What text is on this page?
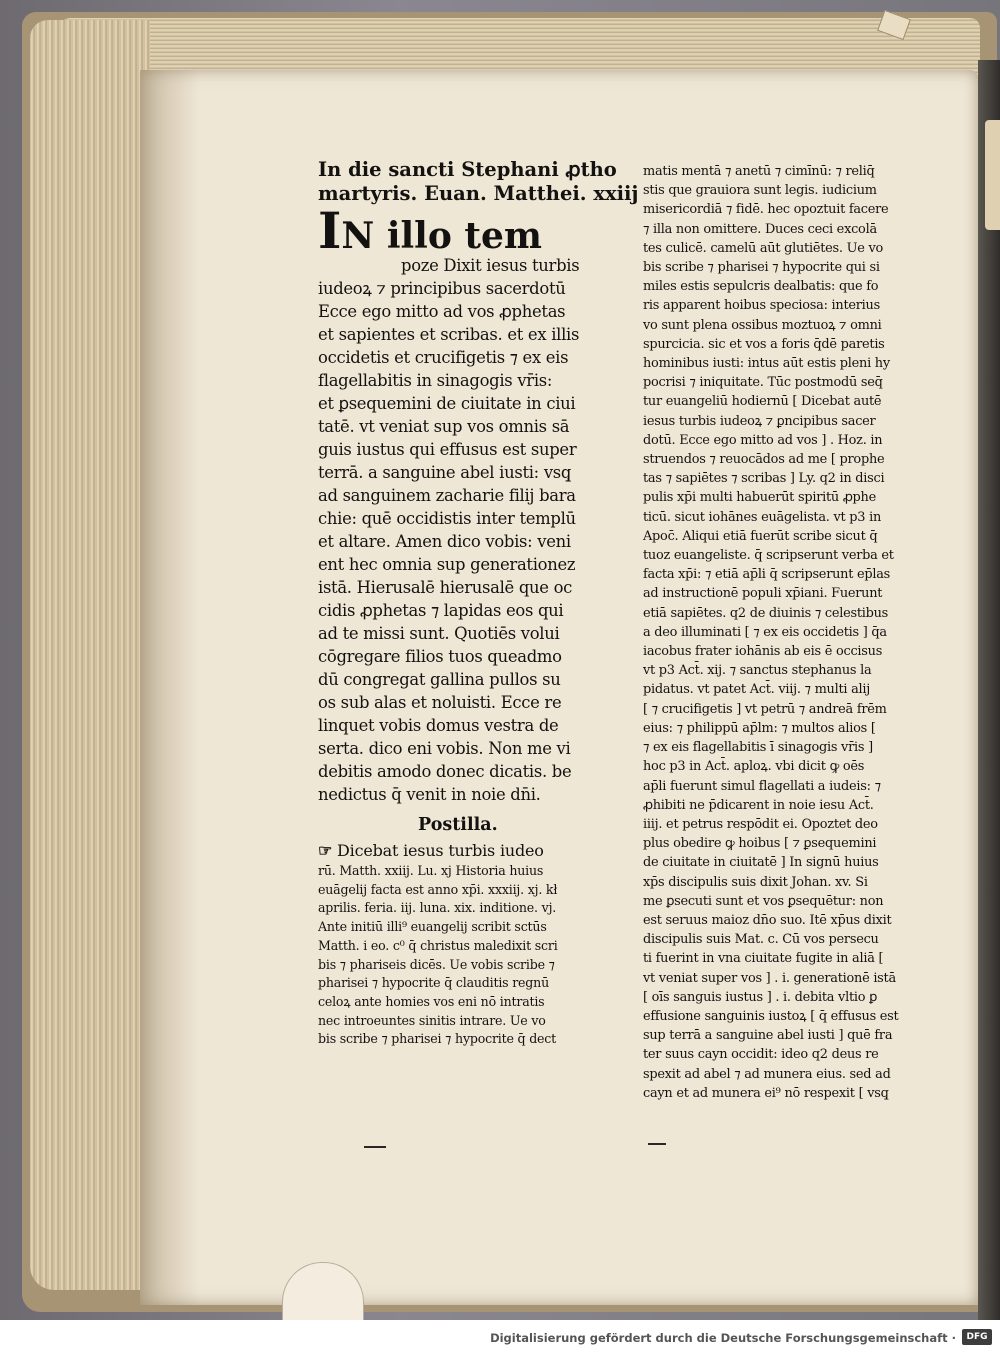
In die sancti Stephani ꝓtho
martyris. Euan. Matthei. xxiij
IN illo tem
poze Dixit iesus turbis
iudeoꝝ ⁊ principibus sacerdotū
Ecce ego mitto ad vos ꝓphetas
et sapientes et scribas. et ex illis
occidetis et crucifigetis ⁊ ex eis
flagellabitis in sinagogis vr̄is:
et ꝑsequemini de ciuitate in ciui
tatē. vt veniat sup vos omnis sā
guis iustus qui effusus est super
terrā. a sanguine abel iusti: vsq̧
ad sanguinem zacharie filij bara
chie: quē occidistis inter templū
et altare. Amen dico vobis: veni
ent hec omnia sup generationez
istā. Hierusalē hierusalē que oc
cidis ꝓphetas ⁊ lapidas eos qui
ad te missi sunt. Quotiēs volui
cōgregare filios tuos queadmo
dū congregat gallina pullos su
os sub alas et noluisti. Ecce re
linquet vobis domus vestra de
serta. dico eni vobis. Non me vi
debitis amodo donec dicatis. be
nedictus q̄ venit in noie dn̄i.
Postilla.
☞ Dicebat iesus turbis iudeo
rū. Matth. xxiij. Lu. xj Historia huius
euāgelij facta est anno xp̄i. xxxiij. xj. kł
aprilis. feria. iij. luna. xix. inditione. vj.
Ante initiū illi⁹ euangelij scribit sctūs
Matth. i eo. c⁰ q̄ christus maledixit scri
bis ⁊ phariseis dicēs. Ue vobis scribe ⁊
pharisei ⁊ hypocrite q̄ clauditis regnū
celoꝝ ante homies vos eni nō intratis
nec introeuntes sinitis intrare. Ue vo
bis scribe ⁊ pharisei ⁊ hypocrite q̄ dect
matis mentā ⁊ anetū ⁊ cimīnū: ⁊ reliq̄
stis que grauiora sunt legis. iudicium
misericordiā ⁊ fidē. hec opoztuit facere
⁊ illa non omittere. Duces ceci excolā
tes culicē. camelū aūt glutiētes. Ue vo
bis scribe ⁊ pharisei ⁊ hypocrite qui si
miles estis sepulcris dealbatis: que fo
ris apparent hoibus speciosa: interius
vo sunt plena ossibus moztuoꝝ ⁊ omni
spurcicia. sic et vos a foris q̄dē paretis
hominibus iusti: intus aūt estis pleni hy
pocrisi ⁊ iniquitate. Tūc postmodū seq̄
tur euangeliū hodiernū [ Dicebat autē
iesus turbis iudeoꝝ ⁊ ꝑncipibus sacer
dotū. Ecce ego mitto ad vos ] . Hoz. in
struendos ⁊ reuocādos ad me [ prophe
tas ⁊ sapiētes ⁊ scribas ] Ly. q2 in disci
pulis xp̄i multi habuerūt spiritū ꝓphe
ticū. sicut iohānes euāgelista. vt p3 in
Apoc̄. Aliqui etiā fuerūt scribe sicut q̄
tuoz euangeliste. q̄ scripserunt verba et
facta xp̄i: ⁊ etiā ap̄li q̄ scripserunt ep̄las
ad instructionē populi xp̄iani. Fuerunt
etiā sapiētes. q2 de diuinis ⁊ celestibus
a deo illuminati [ ⁊ ex eis occidetis ] q̄a
iacobus frater iohānis ab eis ē occisus
vt p3 Act̄. xij. ⁊ sanctus stephanus la
pidatus. vt patet Act̄. viij. ⁊ multi alij
[ ⁊ crucifigetis ] vt petrū ⁊ andreā frēm
eius: ⁊ philippū ap̄lm: ⁊ multos alios [
⁊ ex eis flagellabitis ī sinagogis vr̄is ]
hoc p3 in Act̄. aploꝝ. vbi dicit ꝙ oēs
ap̄li fuerunt simul flagellati a iudeis: ⁊
ꝓhibiti ne p̄dicarent in noie iesu Act̄.
iiij. et petrus respōdit ei. Opoztet deo
plus obedire ꝙ hoibus [ ⁊ ꝑsequemini
de ciuitate in ciuitatē ] In signū huius
xp̄s discipulis suis dixit Johan. xv. Si
me ꝑsecuti sunt et vos ꝑsequētur: non
est seruus maioz dn̄o suo. Itē xp̄us dixit
discipulis suis Mat. c. Cū vos persecu
ti fuerint in vna ciuitate fugite in aliā [
vt veniat super vos ] . i. generationē istā
[ oīs sanguis iustus ] . i. debita vltio ꝑ
effusione sanguinis iustoꝝ [ q̄ effusus est
sup terrā a sanguine abel iusti ] quē fra
ter suus cayn occidit: ideo q2 deus re
spexit ad abel ⁊ ad munera eius. sed ad
cayn et ad munera ei⁹ nō respexit [ vsq̧
Digitalisierung gefördert durch die Deutsche Forschungsgemeinschaft ·	DFG
